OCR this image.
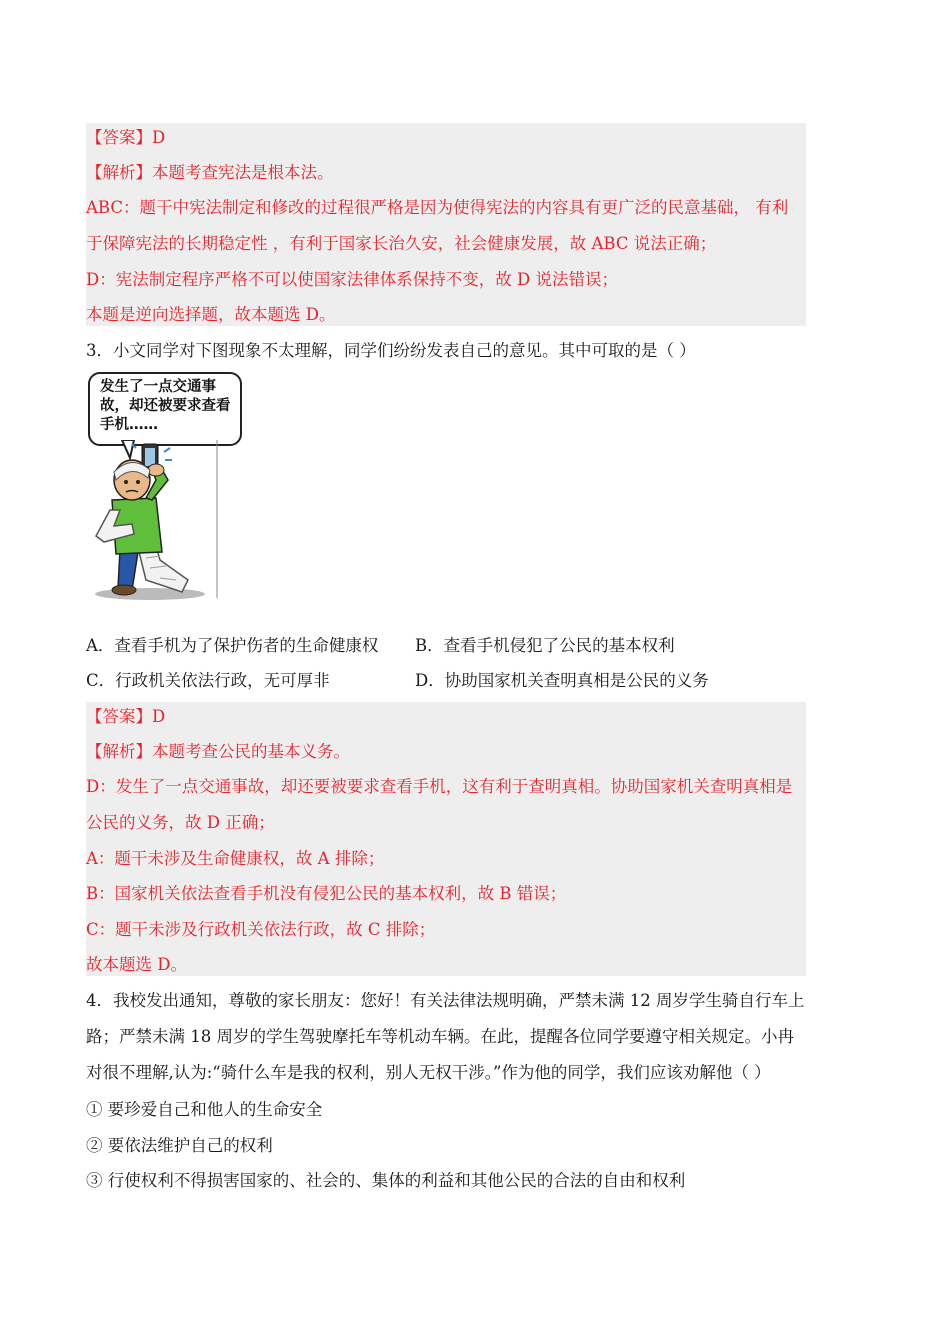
【答案】D
【解析】本题考查宪法是根本法。
ABC：题干中宪法制定和修改的过程很严格是因为使得宪法的内容具有更广泛的民意基础， 有利
于保障宪法的长期稳定性 ，有利于国家长治久安，社会健康发展，故 ABC 说法正确；
D：宪法制定程序严格不可以使国家法律体系保持不变，故 D 说法错误；
本题是逆向选择题，故本题选 D。
3．小文同学对下图现象不太理解，同学们纷纷发表自己的意见。其中可取的是（ ）
发生了一点交通事故，却还被要求查看手机……
A．查看手机为了保护伤者的生命健康权 B．查看手机侵犯了公民的基本权利
C．行政机关依法行政，无可厚非	D．协助国家机关查明真相是公民的义务
【答案】D
【解析】本题考查公民的基本义务。
D：发生了一点交通事故，却还要被要求查看手机，这有利于查明真相。协助国家机关查明真相是
公民的义务，故 D 正确；
A：题干未涉及生命健康权，故 A 排除；
B：国家机关依法查看手机没有侵犯公民的基本权利，故 B 错误；
C：题干未涉及行政机关依法行政，故 C 排除；
故本题选 D。
4．我校发出通知，尊敬的家长朋友：您好！有关法律法规明确，严禁未满 12 周岁学生骑自行车上
路；严禁未满 18 周岁的学生驾驶摩托车等机动车辆。在此，提醒各位同学要遵守相关规定。小冉
对很不理解,认为:“骑什么车是我的权利，别人无权干涉。”作为他的同学，我们应该劝解他（ ）
① 要珍爱自己和他人的生命安全
② 要依法维护自己的权利
③ 行使权利不得损害国家的、社会的、集体的利益和其他公民的合法的自由和权利
